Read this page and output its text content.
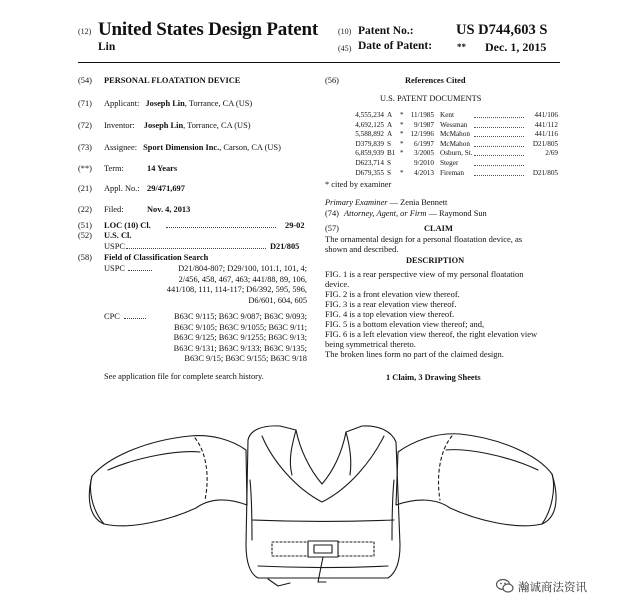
(12) United States Design Patent
Lin
(10) Patent No.:	US D744,603 S
(45) Date of Patent:	** Dec. 1, 2015
(54) PERSONAL FLOATATION DEVICE
(71) Applicant: Joseph Lin, Torrance, CA (US)
(72) Inventor: Joseph Lin, Torrance, CA (US)
(73) Assignee: Sport Dimension Inc., Carson, CA (US)
(**) Term:	14 Years
(21) Appl. No.: 29/471,697
(22) Filed:	Nov. 4, 2013
(51) LOC (10) Cl.	29-02
(52) U.S. Cl.
USPC	D21/805
(58) Field of Classification Search
USPC	D21/804-807; D29/100, 101.1, 101, 4;
2/456, 458, 467, 463; 441/88, 89, 106,
441/108, 111, 114-117; D6/392, 595, 596,
D6/601, 604, 605
CPC	B63C 9/115; B63C 9/087; B63C 9/093;
B63C 9/105; B63C 9/1055; B63C 9/11;
B63C 9/125; B63C 9/1255; B63C 9/13;
B63C 9/131; B63C 9/133; B63C 9/135;
B63C 9/15; B63C 9/155; B63C 9/18
See application file for complete search history.
(56)	References Cited
U.S. PATENT DOCUMENTS
4,555,234 A	* 11/1985 Kent	441/106
4,692,125 A	*	9/1987 Wessman	441/112
5,588,892 A	* 12/1996 McMahon	441/116
D379,839 S	*	6/1997 McMahon	D21/805
6,859,939 B1 *	3/2005 Osburn, St.	2/69
D623,714 S	9/2010 Steger
D679,355 S	*	4/2013 Fireman	D21/805
* cited by examiner
Primary Examiner — Zenia Bennett
(74) Attorney, Agent, or Firm — Raymond Sun
(57)	CLAIM
The ornamental design for a personal floatation device, as
shown and described.
DESCRIPTION
FIG. 1 is a rear perspective view of my personal floatation
device.
FIG. 2 is a front elevation view thereof.
FIG. 3 is a rear elevation view thereof.
FIG. 4 is a top elevation view thereof.
FIG. 5 is a bottom elevation view thereof; and,
FIG. 6 is a left elevation view thereof, the right elevation view
being symmetrical thereto.
The broken lines form no part of the claimed design.
1 Claim, 3 Drawing Sheets
瀚诚商法资讯
